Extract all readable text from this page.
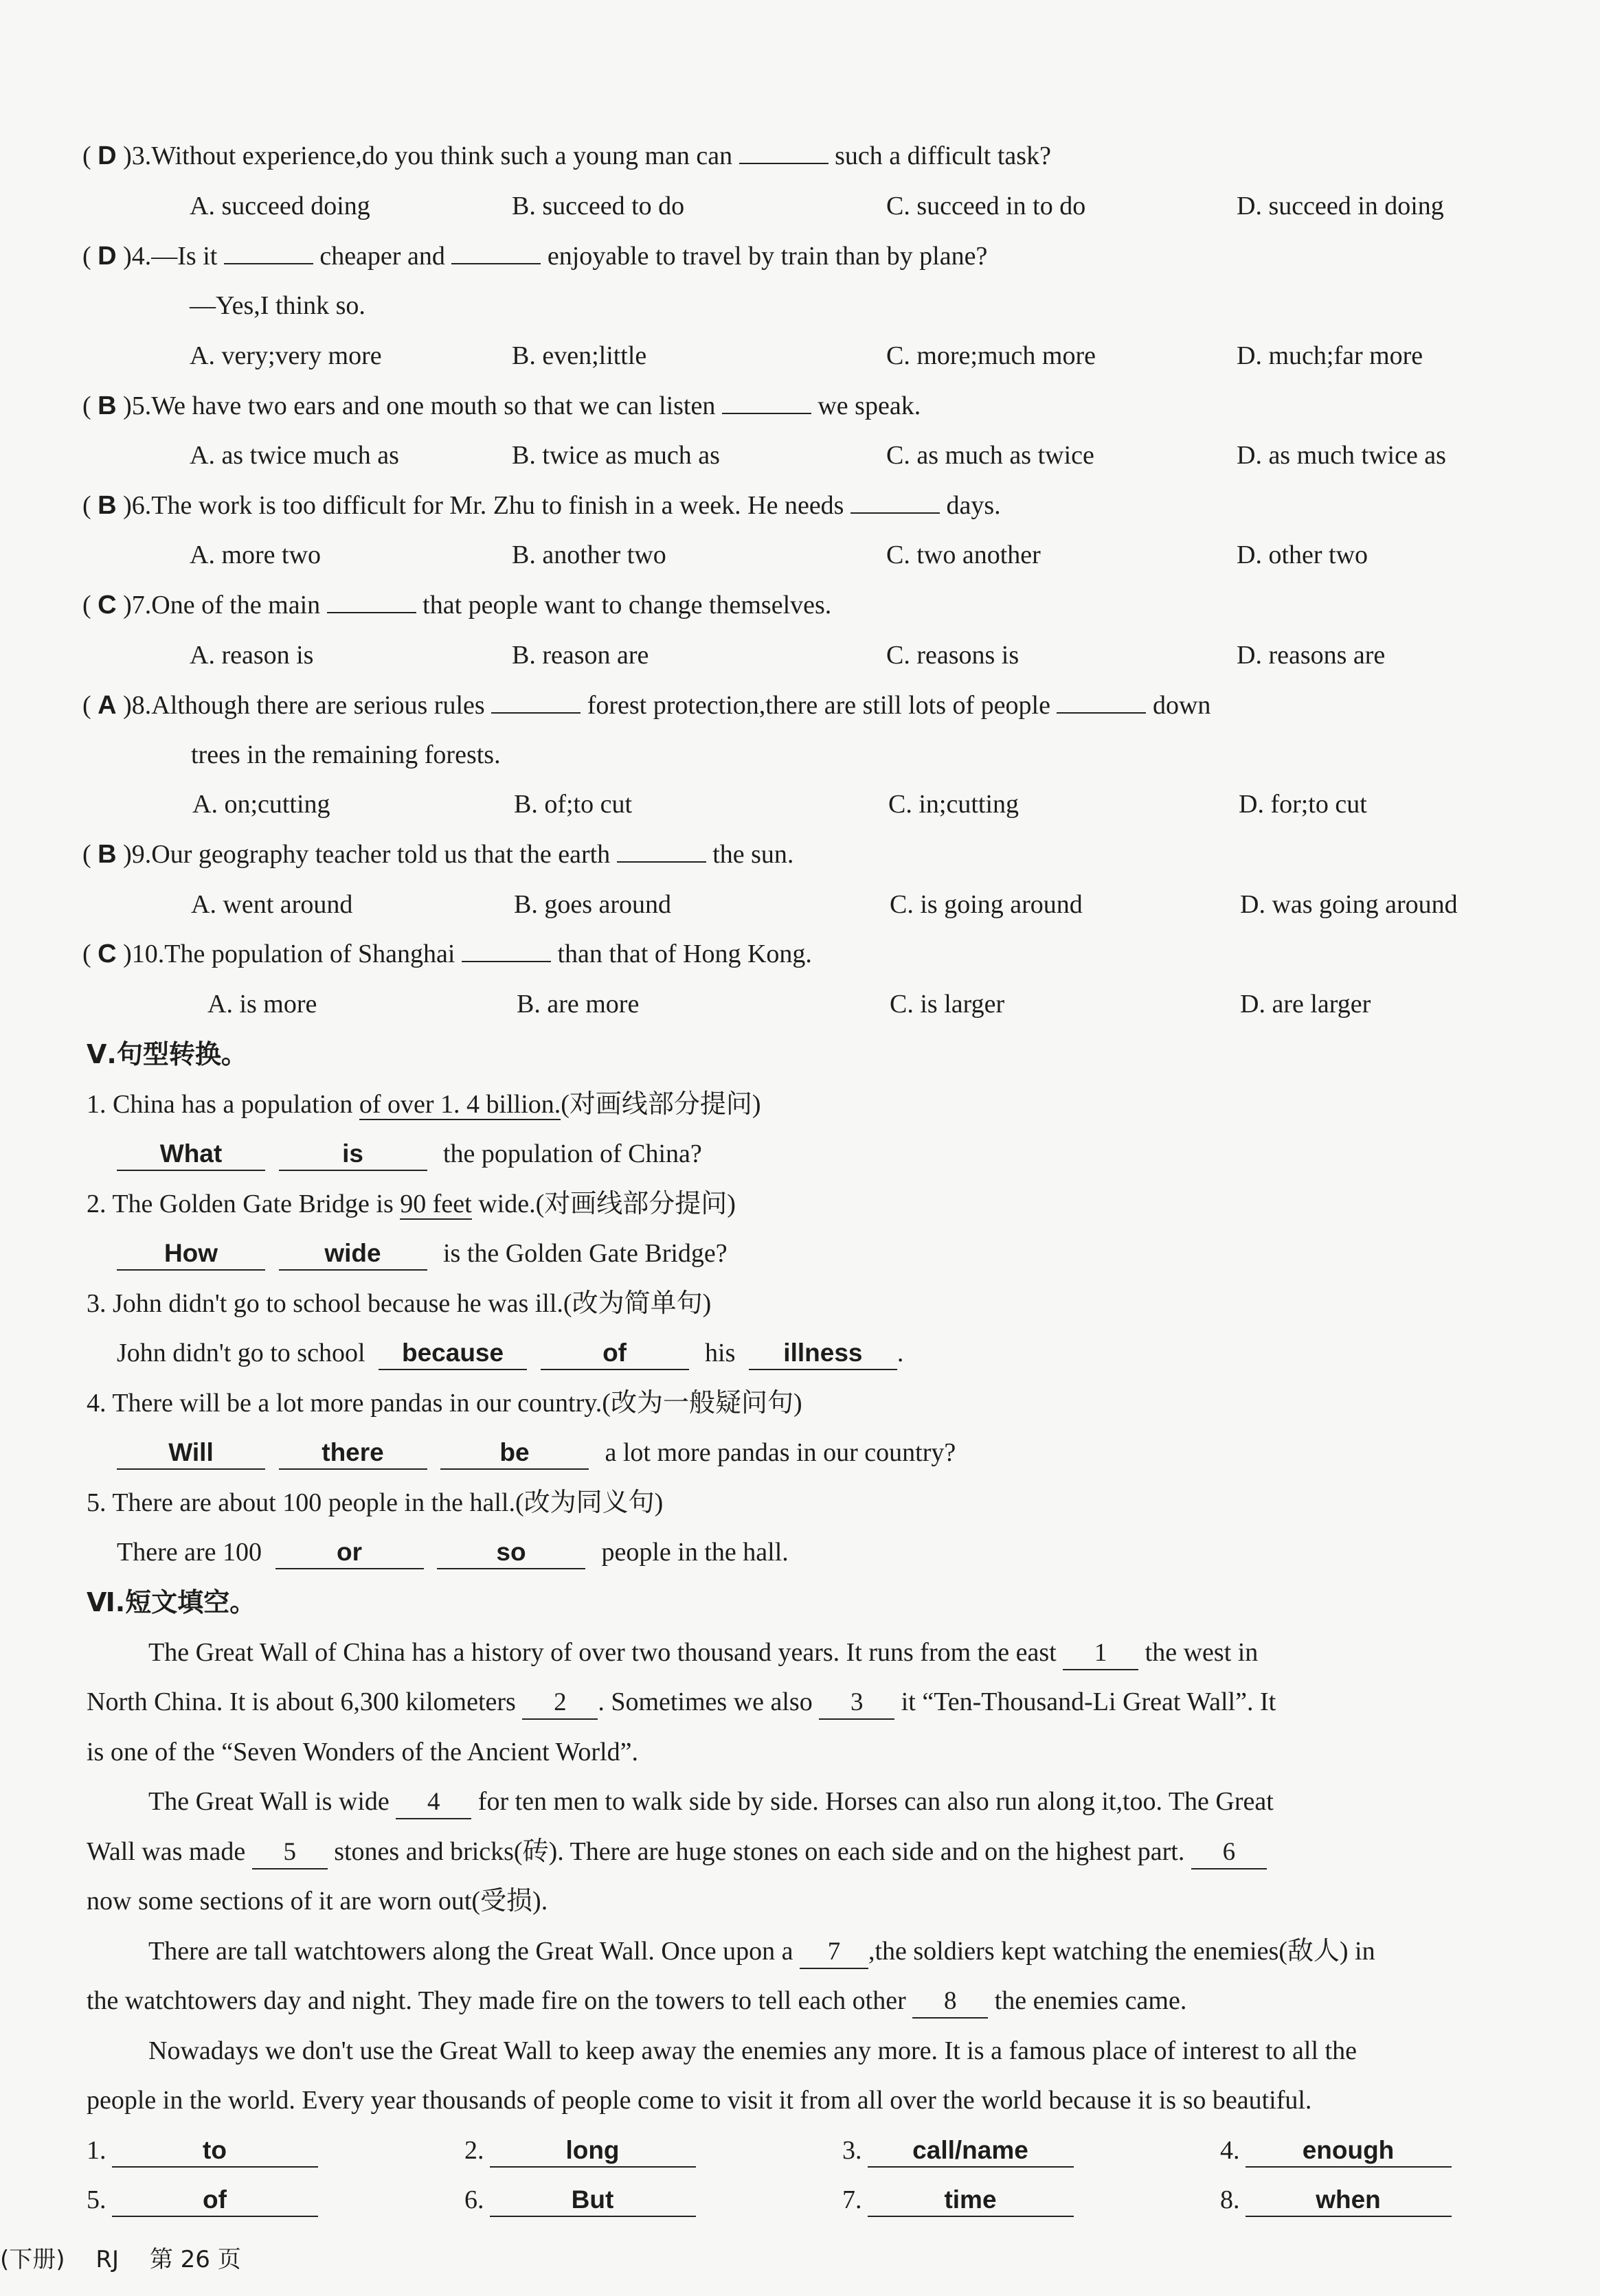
( D )3.Without experience,do you think such a young man can	such a difficult task?
A. succeed doing	B. succeed to do	C. succeed in to do	D. succeed in doing
( D )4.—Is it	cheaper and	enjoyable to travel by train than by plane?
—Yes,I think so.
A. very;very more	B. even;little	C. more;much more	D. much;far more
( B )5.We have two ears and one mouth so that we can listen	we speak.
A. as twice much as	B. twice as much as	C. as much as twice	D. as much twice as
( B )6.The work is too difficult for Mr. Zhu to finish in a week. He needs	days.
A. more two	B. another two	C. two another	D. other two
( C )7.One of the main	that people want to change themselves.
A. reason is	B. reason are	C. reasons is	D. reasons are
( A )8.Although there are serious rules	forest protection,there are still lots of people	down
trees in the remaining forests.
A. on;cutting	B. of;to cut	C. in;cutting	D. for;to cut
( B )9.Our geography teacher told us that the earth	the sun.
A. went around	B. goes around	C. is going around	D. was going around
( C )10.The population of Shanghai	than that of Hong Kong.
A. is more	B. are more	C. is larger	D. are larger
Ⅴ.句型转换。
1. China has a population of over 1. 4 billion.(对画线部分提问)
What	is	the population of China?
2. The Golden Gate Bridge is 90 feet wide.(对画线部分提问)
How	wide is the Golden Gate Bridge?
3. John didn't go to school because he was ill.(改为简单句)
John didn't go to school because	of	his illness .
4. There will be a lot more pandas in our country.(改为一般疑问句)
Will	there	be	a lot more pandas in our country?
5. There are about 100 people in the hall.(改为同义句)
There are 100	or	so	people in the hall.
Ⅵ.短文填空。
The Great Wall of China has a history of over two thousand years. It runs from the east 1 the west in
North China. It is about 6,300 kilometers 2 . Sometimes we also 3 it “Ten-Thousand-Li Great Wall”. It
is one of the “Seven Wonders of the Ancient World”.
The Great Wall is wide 4 for ten men to walk side by side. Horses can also run along it,too. The Great
Wall was made 5 stones and bricks(砖). There are huge stones on each side and on the highest part. 6
now some sections of it are worn out(受损).
There are tall watchtowers along the Great Wall. Once upon a 7 ,the soldiers kept watching the enemies(敌人) in
the watchtowers day and night. They made fire on the towers to tell each other 8 the enemies came.
Nowadays we don't use the Great Wall to keep away the enemies any more. It is a famous place of interest to all the
people in the world. Every year thousands of people come to visit it from all over the world because it is so beautiful.
1.	to	2.	long	3. call/name	4. enough
5.	of	6.	But	7.	time	8.	when
(下册) RJ 第 26 页
